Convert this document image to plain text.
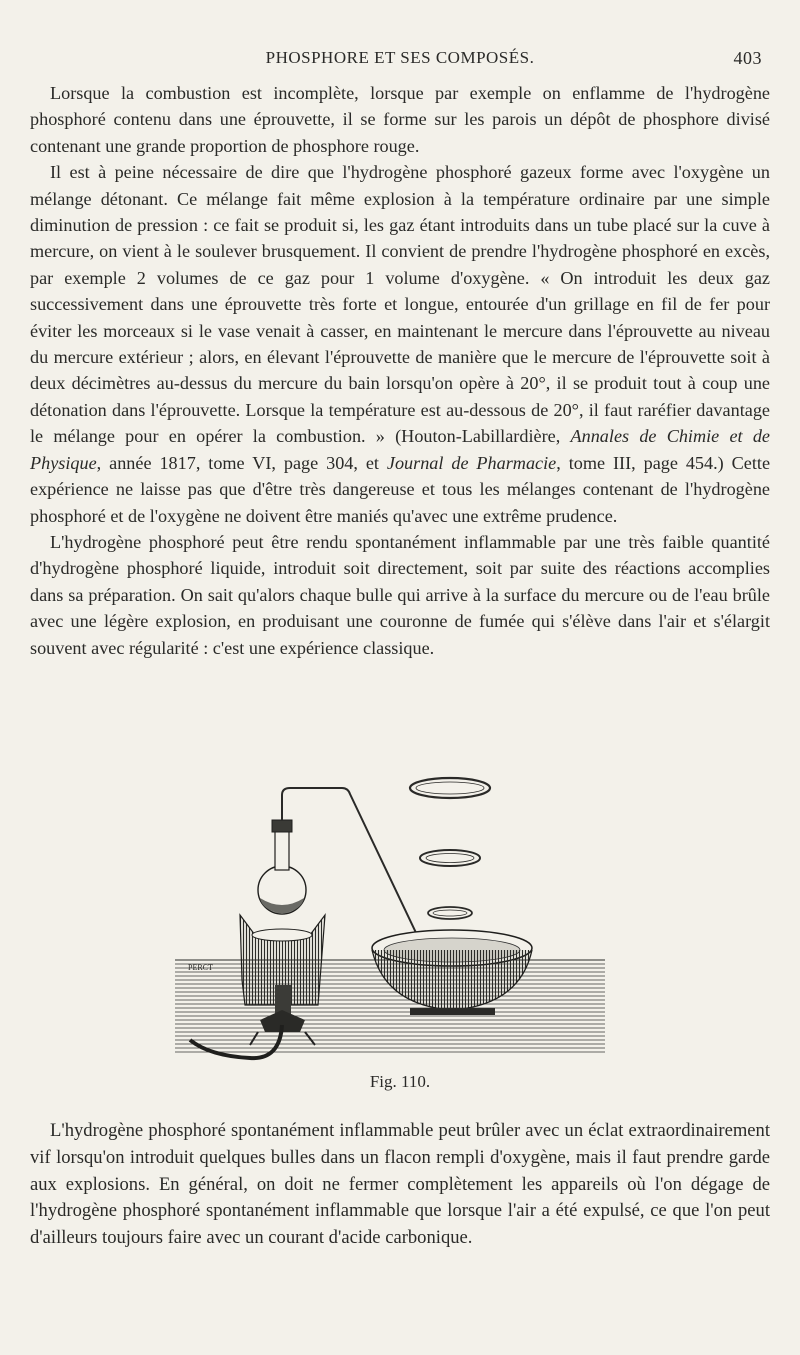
PHOSPHORE ET SES COMPOSÉS.	403

Lorsque la combustion est incomplète, lorsque par exemple on enflamme de l'hydrogène phosphoré contenu dans une éprouvette, il se forme sur les parois un dépôt de phosphore divisé contenant une grande proportion de phosphore rouge.

Il est à peine nécessaire de dire que l'hydrogène phosphoré gazeux forme avec l'oxygène un mélange détonant. Ce mélange fait même explosion à la température ordinaire par une simple diminution de pression : ce fait se produit si, les gaz étant introduits dans un tube placé sur la cuve à mercure, on vient à le soulever brusquement. Il convient de prendre l'hydrogène phosphoré en excès, par exemple 2 volumes de ce gaz pour 1 volume d'oxygène. « On introduit les deux gaz successivement dans une éprouvette très forte et longue, entourée d'un grillage en fil de fer pour éviter les morceaux si le vase venait à casser, en maintenant le mercure dans l'éprouvette au niveau du mercure extérieur ; alors, en élevant l'éprouvette de manière que le mercure de l'éprouvette soit à deux décimètres au-dessus du mercure du bain lorsqu'on opère à 20°, il se produit tout à coup une détonation dans l'éprouvette. Lorsque la température est au-dessous de 20°, il faut raréfier davantage le mélange pour en opérer la combustion. » (Houton-Labillardière, Annales de Chimie et de Physique, année 1817, tome VI, page 304, et Journal de Pharmacie, tome III, page 454.) Cette expérience ne laisse pas que d'être très dangereuse et tous les mélanges contenant de l'hydrogène phosphoré et de l'oxygène ne doivent être maniés qu'avec une extrême prudence.

L'hydrogène phosphoré peut être rendu spontanément inflammable par une très faible quantité d'hydrogène phosphoré liquide, introduit soit directement, soit par suite des réactions accomplies dans sa préparation. On sait qu'alors chaque bulle qui arrive à la surface du mercure ou de l'eau brûle avec une légère explosion, en produisant une couronne de fumée qui s'élève dans l'air et s'élargit souvent avec régularité : c'est une expérience classique.

PERCT
Fig. 110.

L'hydrogène phosphoré spontanément inflammable peut brûler avec un éclat extraordinairement vif lorsqu'on introduit quelques bulles dans un flacon rempli d'oxygène, mais il faut prendre garde aux explosions. En général, on doit ne fermer complètement les appareils où l'on dégage de l'hydrogène phosphoré spontanément inflammable que lorsque l'air a été expulsé, ce que l'on peut d'ailleurs toujours faire avec un courant d'acide carbonique.
